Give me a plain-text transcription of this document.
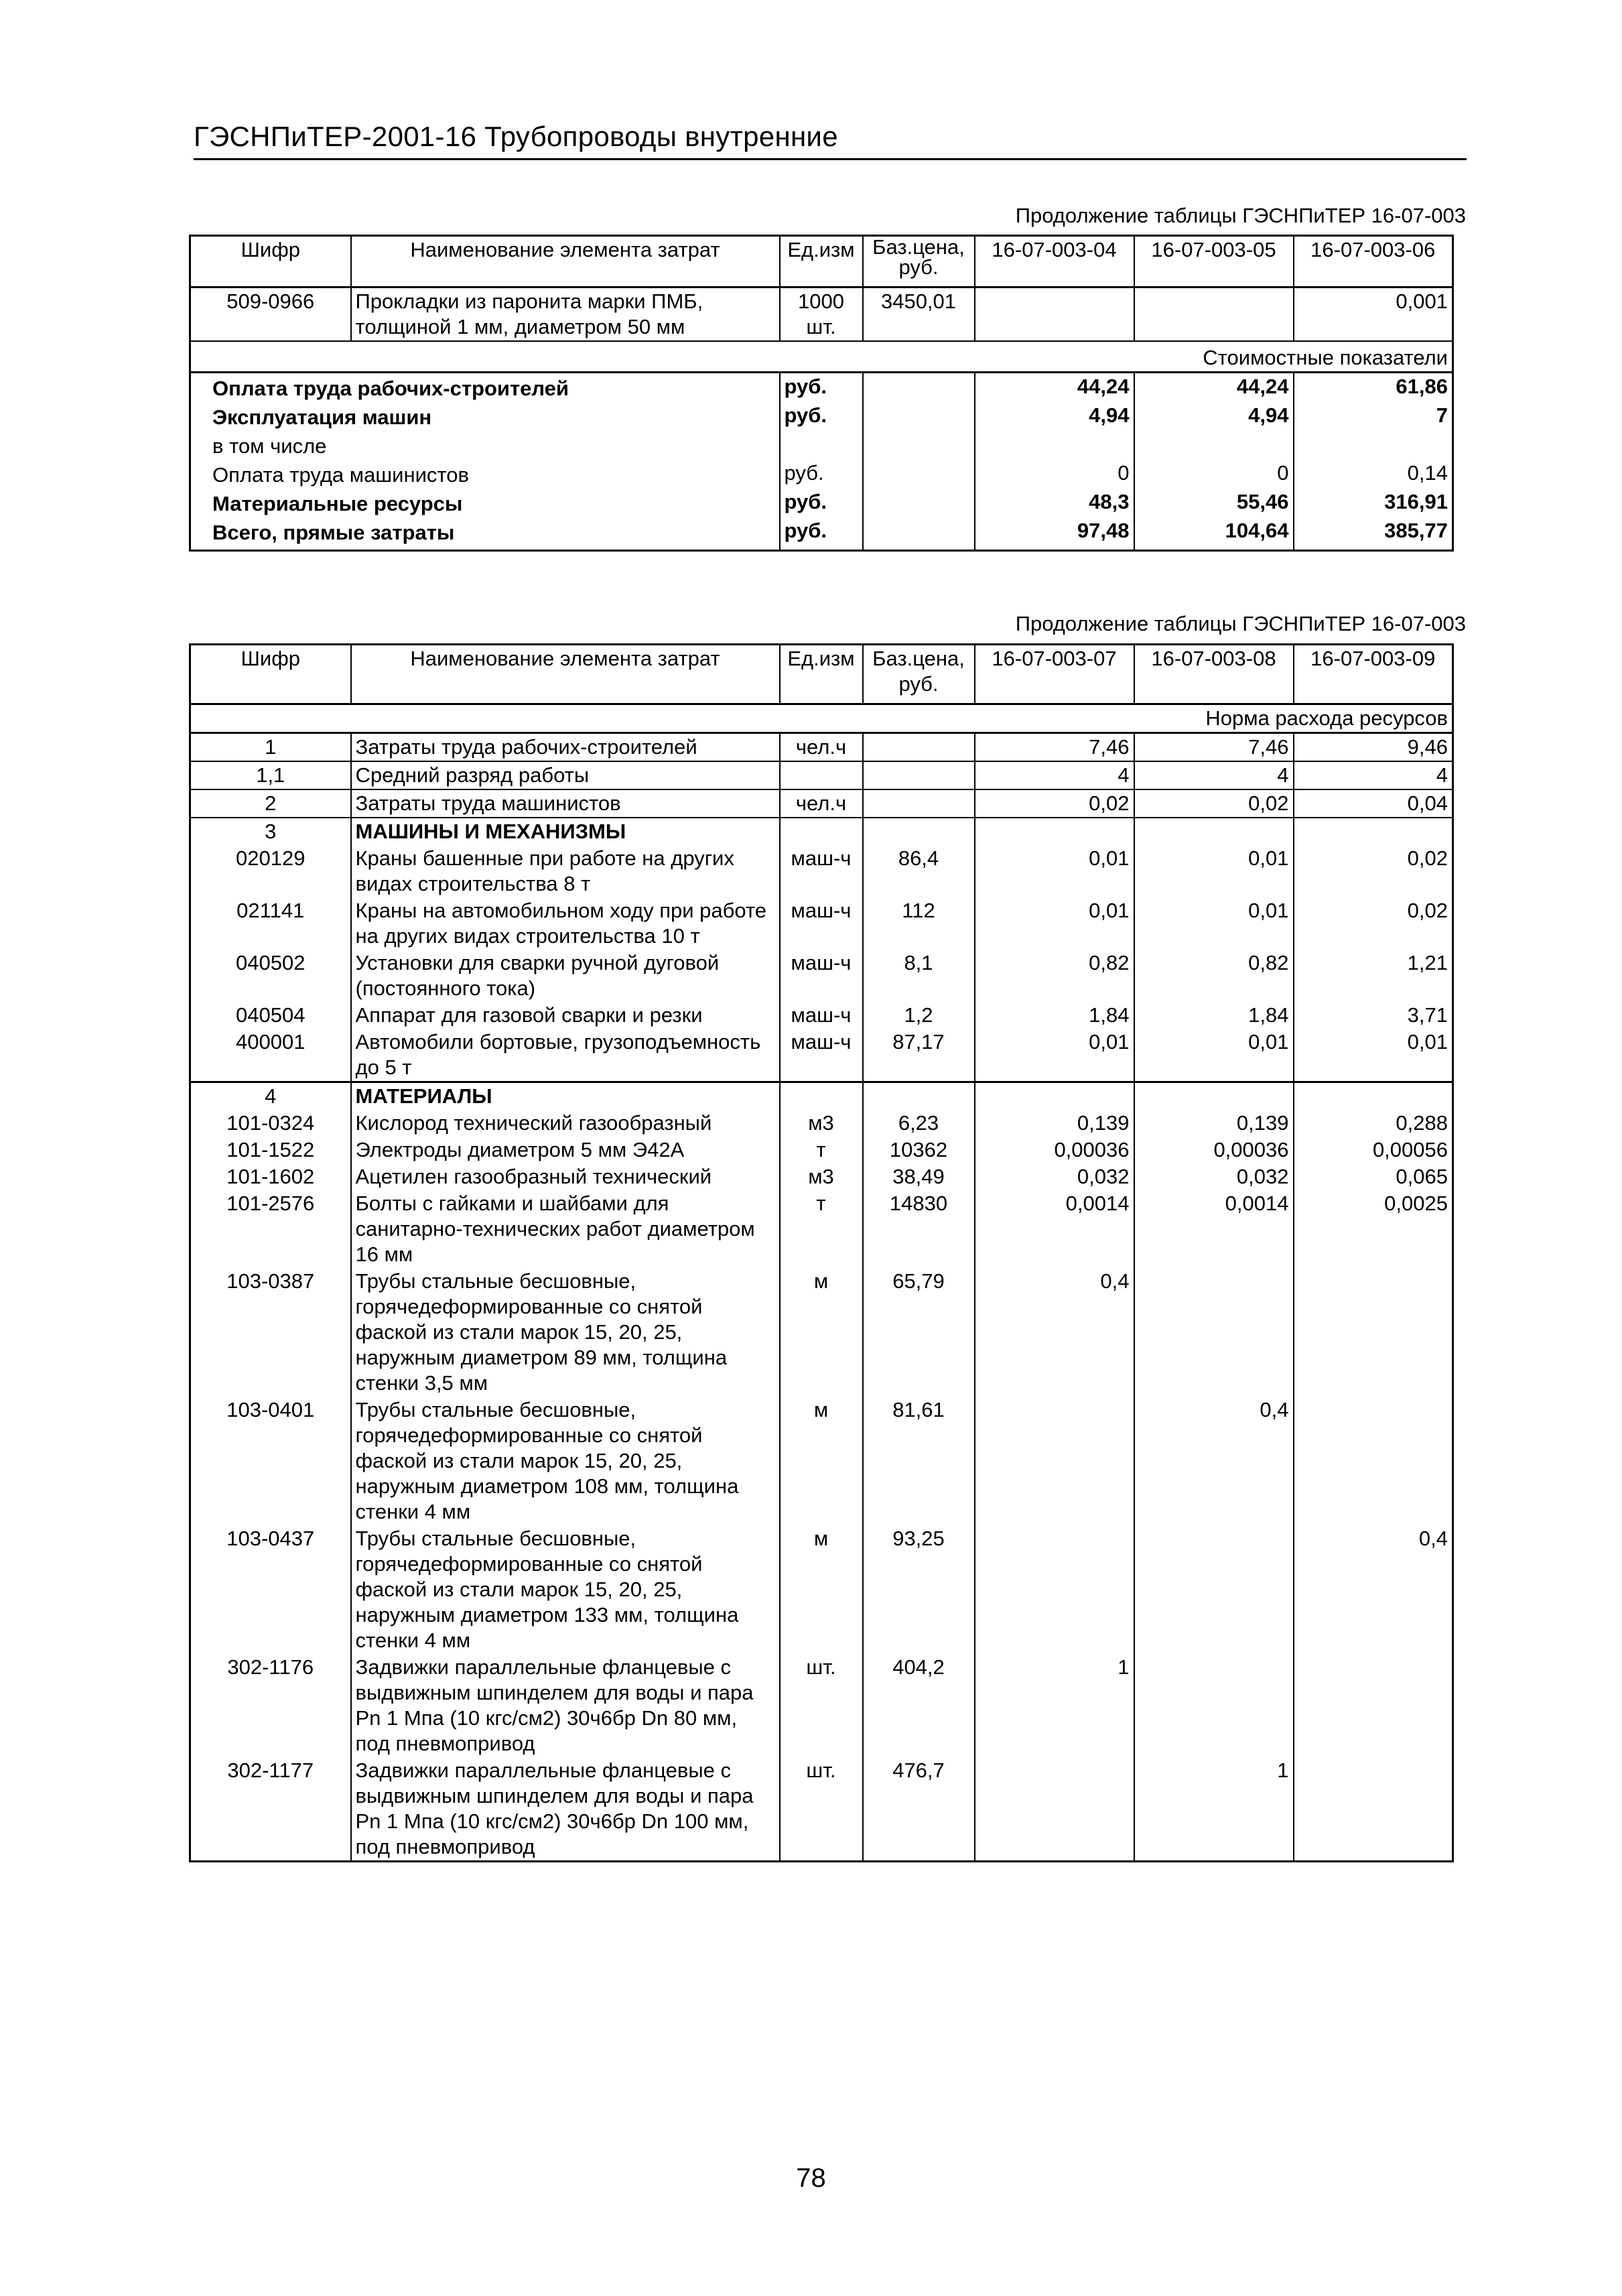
ГЭСНПиТЕР-2001-16 Трубопроводы внутренние
Продолжение таблицы ГЭСНПиТЕР 16-07-003
Шифр	Наименование элемента затрат	Ед.изм	Баз.цена, руб.	16-07-003-04	16-07-003-05	16-07-003-06
509-0966	Прокладки из паронита марки ПМБ, толщиной 1 мм, диаметром 50 мм	1000 шт.	3450,01			0,001
Стоимостные показатели						
Оплата труда рабочих-строителей		руб.		44,24	44,24	61,86
Эксплуатация машин		руб.		4,94	4,94	7
в том числе						
Оплата труда машинистов		руб.		0	0	0,14
Материальные ресурсы		руб.		48,3	55,46	316,91
Всего, прямые затраты		руб.		97,48	104,64	385,77
Продолжение таблицы ГЭСНПиТЕР 16-07-003
Шифр	Наименование элемента затрат	Ед.изм	Баз.цена, руб.	16-07-003-07	16-07-003-08	16-07-003-09
Норма расхода ресурсов						
1	Затраты труда рабочих-строителей	чел.ч		7,46	7,46	9,46
1,1	Средний разряд работы			4	4	4
2	Затраты труда машинистов	чел.ч		0,02	0,02	0,04
3	МАШИНЫ И МЕХАНИЗМЫ					
020129	Краны башенные при работе на других видах строительства 8 т	маш-ч	86,4	0,01	0,01	0,02
021141	Краны на автомобильном ходу при работе на других видах строительства 10 т	маш-ч	112	0,01	0,01	0,02
040502	Установки для сварки ручной дуговой (постоянного тока)	маш-ч	8,1	0,82	0,82	1,21
040504	Аппарат для газовой сварки и резки	маш-ч	1,2	1,84	1,84	3,71
400001	Автомобили бортовые, грузоподъемность до 5 т	маш-ч	87,17	0,01	0,01	0,01
4	МАТЕРИАЛЫ					
101-0324	Кислород технический газообразный	м3	6,23	0,139	0,139	0,288
101-1522	Электроды диаметром 5 мм Э42А	т	10362	0,00036	0,00036	0,00056
101-1602	Ацетилен газообразный технический	м3	38,49	0,032	0,032	0,065
101-2576	Болты с гайками и шайбами для санитарно-технических работ диаметром 16 мм	т	14830	0,0014	0,0014	0,0025
103-0387	Трубы стальные бесшовные, горячедеформированные со снятой фаской из стали марок 15, 20, 25, наружным диаметром 89 мм, толщина стенки 3,5 мм	м	65,79	0,4		
103-0401	Трубы стальные бесшовные, горячедеформированные со снятой фаской из стали марок 15, 20, 25, наружным диаметром 108 мм, толщина стенки 4 мм	м	81,61		0,4	
103-0437	Трубы стальные бесшовные, горячедеформированные со снятой фаской из стали марок 15, 20, 25, наружным диаметром 133 мм, толщина стенки 4 мм	м	93,25			0,4
302-1176	Задвижки параллельные фланцевые с выдвижным шпинделем для воды и пара Pn 1 Мпа (10 кгс/см2) 30ч6бр Dn 80 мм, под пневмопривод	шт.	404,2	1		
302-1177	Задвижки параллельные фланцевые с выдвижным шпинделем для воды и пара Pn 1 Мпа (10 кгс/см2) 30ч6бр Dn 100 мм, под пневмопривод	шт.	476,7		1	
78
